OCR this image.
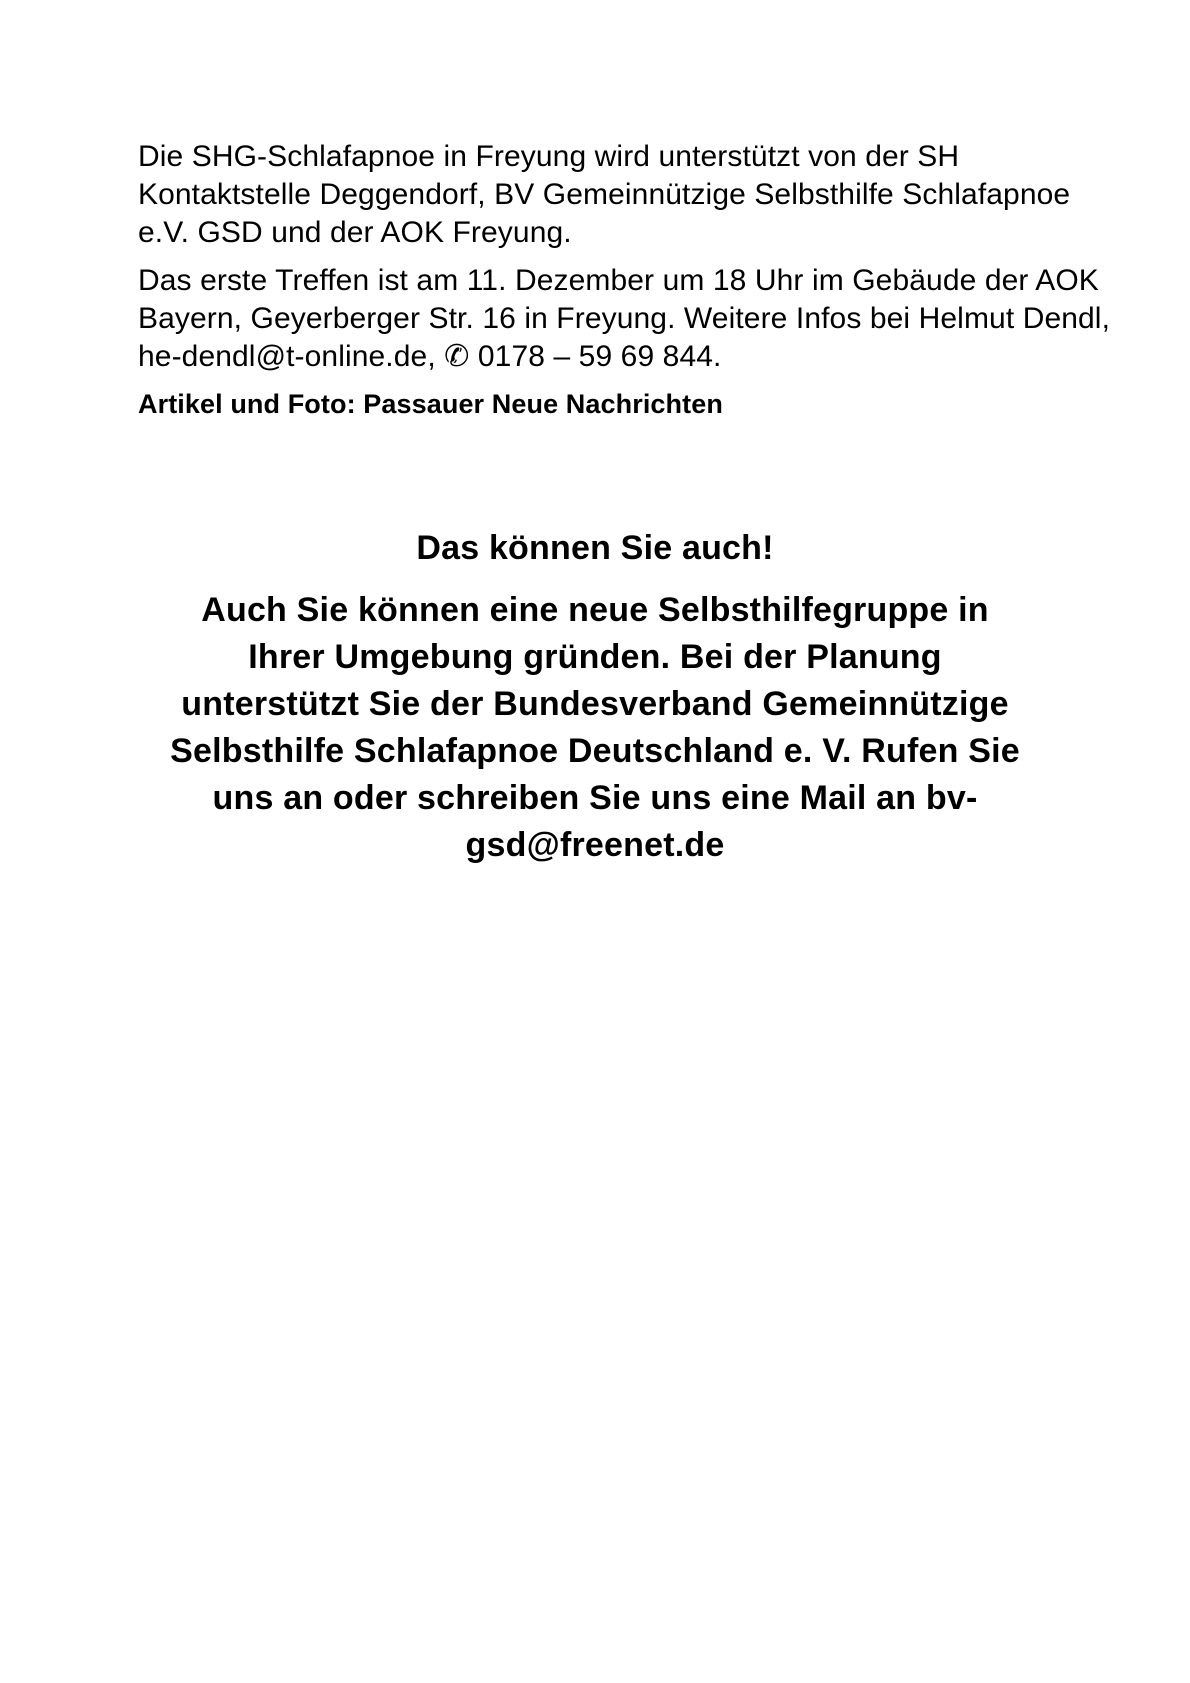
Die SHG-Schlafapnoe in Freyung wird unterstützt von der SH
Kontaktstelle Deggendorf, BV Gemeinnützige Selbsthilfe Schlafapnoe
e.V. GSD und der AOK Freyung.
Das erste Treffen ist am 11. Dezember um 18 Uhr im Gebäude der AOK
Bayern, Geyerberger Str. 16 in Freyung. Weitere Infos bei Helmut Dendl,
he-dendl@t-online.de, ✆ 0178 – 59 69 844.
Artikel und Foto: Passauer Neue Nachrichten
Das können Sie auch!
Auch Sie können eine neue Selbsthilfegruppe in
Ihrer Umgebung gründen. Bei der Planung
unterstützt Sie der Bundesverband Gemeinnützige
Selbsthilfe Schlafapnoe Deutschland e. V. Rufen Sie
uns an oder schreiben Sie uns eine Mail an bv-
gsd@freenet.de
